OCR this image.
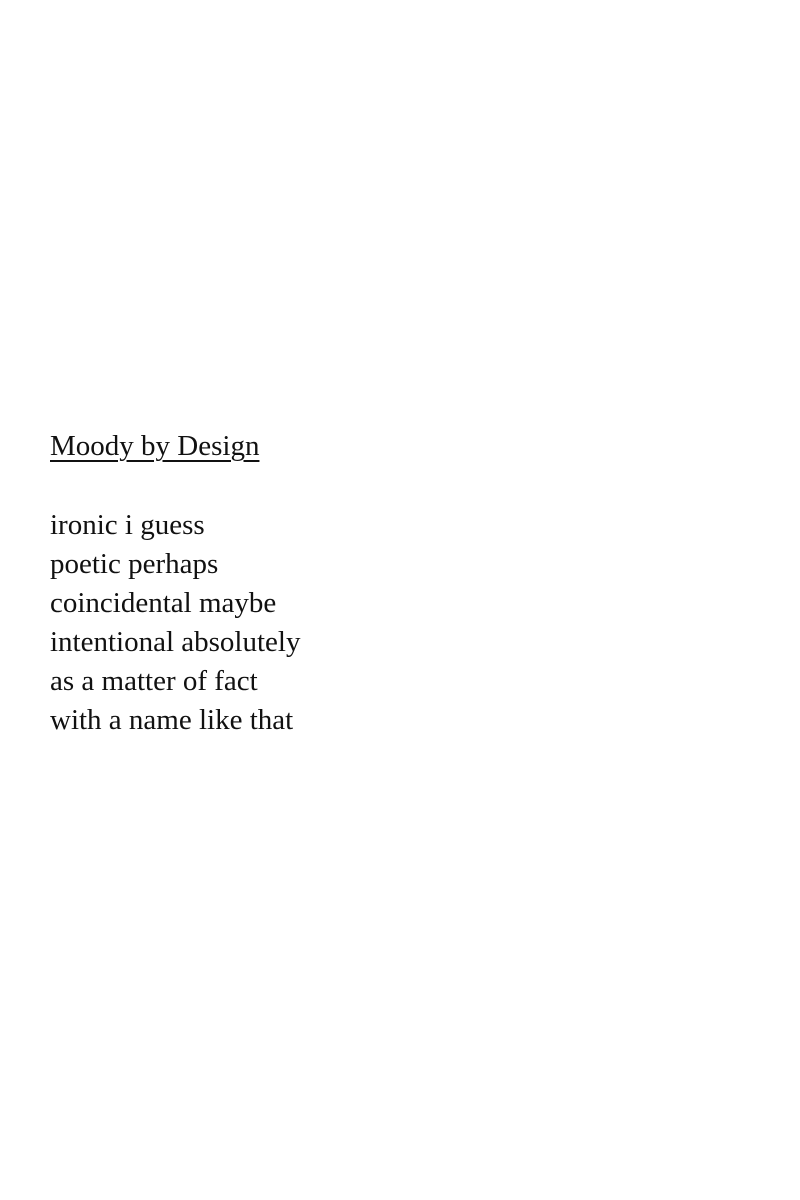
Moody by Design
ironic i guess
poetic perhaps
coincidental maybe
intentional absolutely
as a matter of fact
with a name like that
